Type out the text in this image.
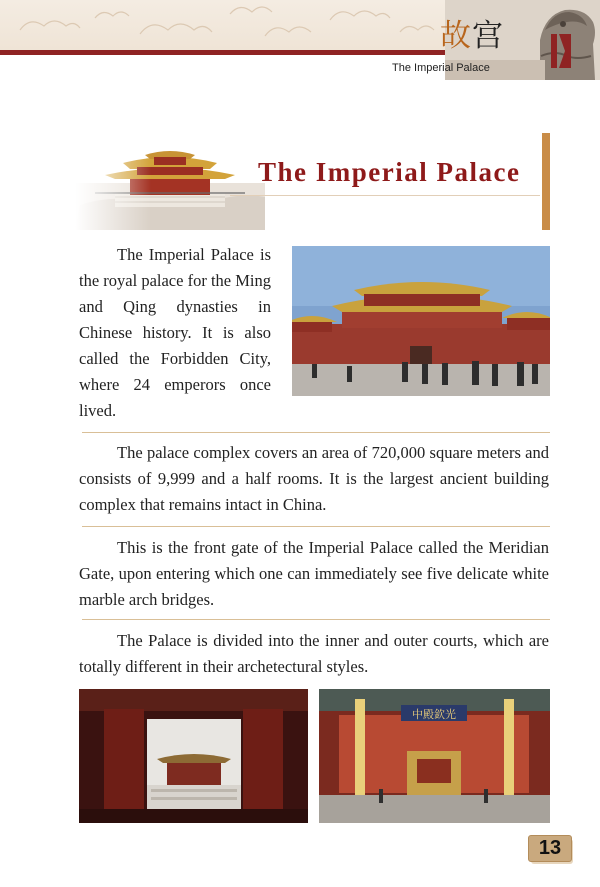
故宫
The Imperial Palace
The Imperial Palace
The Imperial Palace is the royal palace for the Ming and Qing dynasties in Chinese history. It is also called the Forbidden City, where 24 emperors once lived.
The palace complex covers an area of 720,000 square meters and consists of 9,999 and a half rooms. It is the largest ancient building complex that remains intact in China.
This is the front gate of the Imperial Palace called the Meridian Gate, upon entering which one can immediately see five delicate white marble arch bridges.
The Palace is divided into the inner and outer courts, which are totally different in their archetectural styles.
中殿欽光
13
